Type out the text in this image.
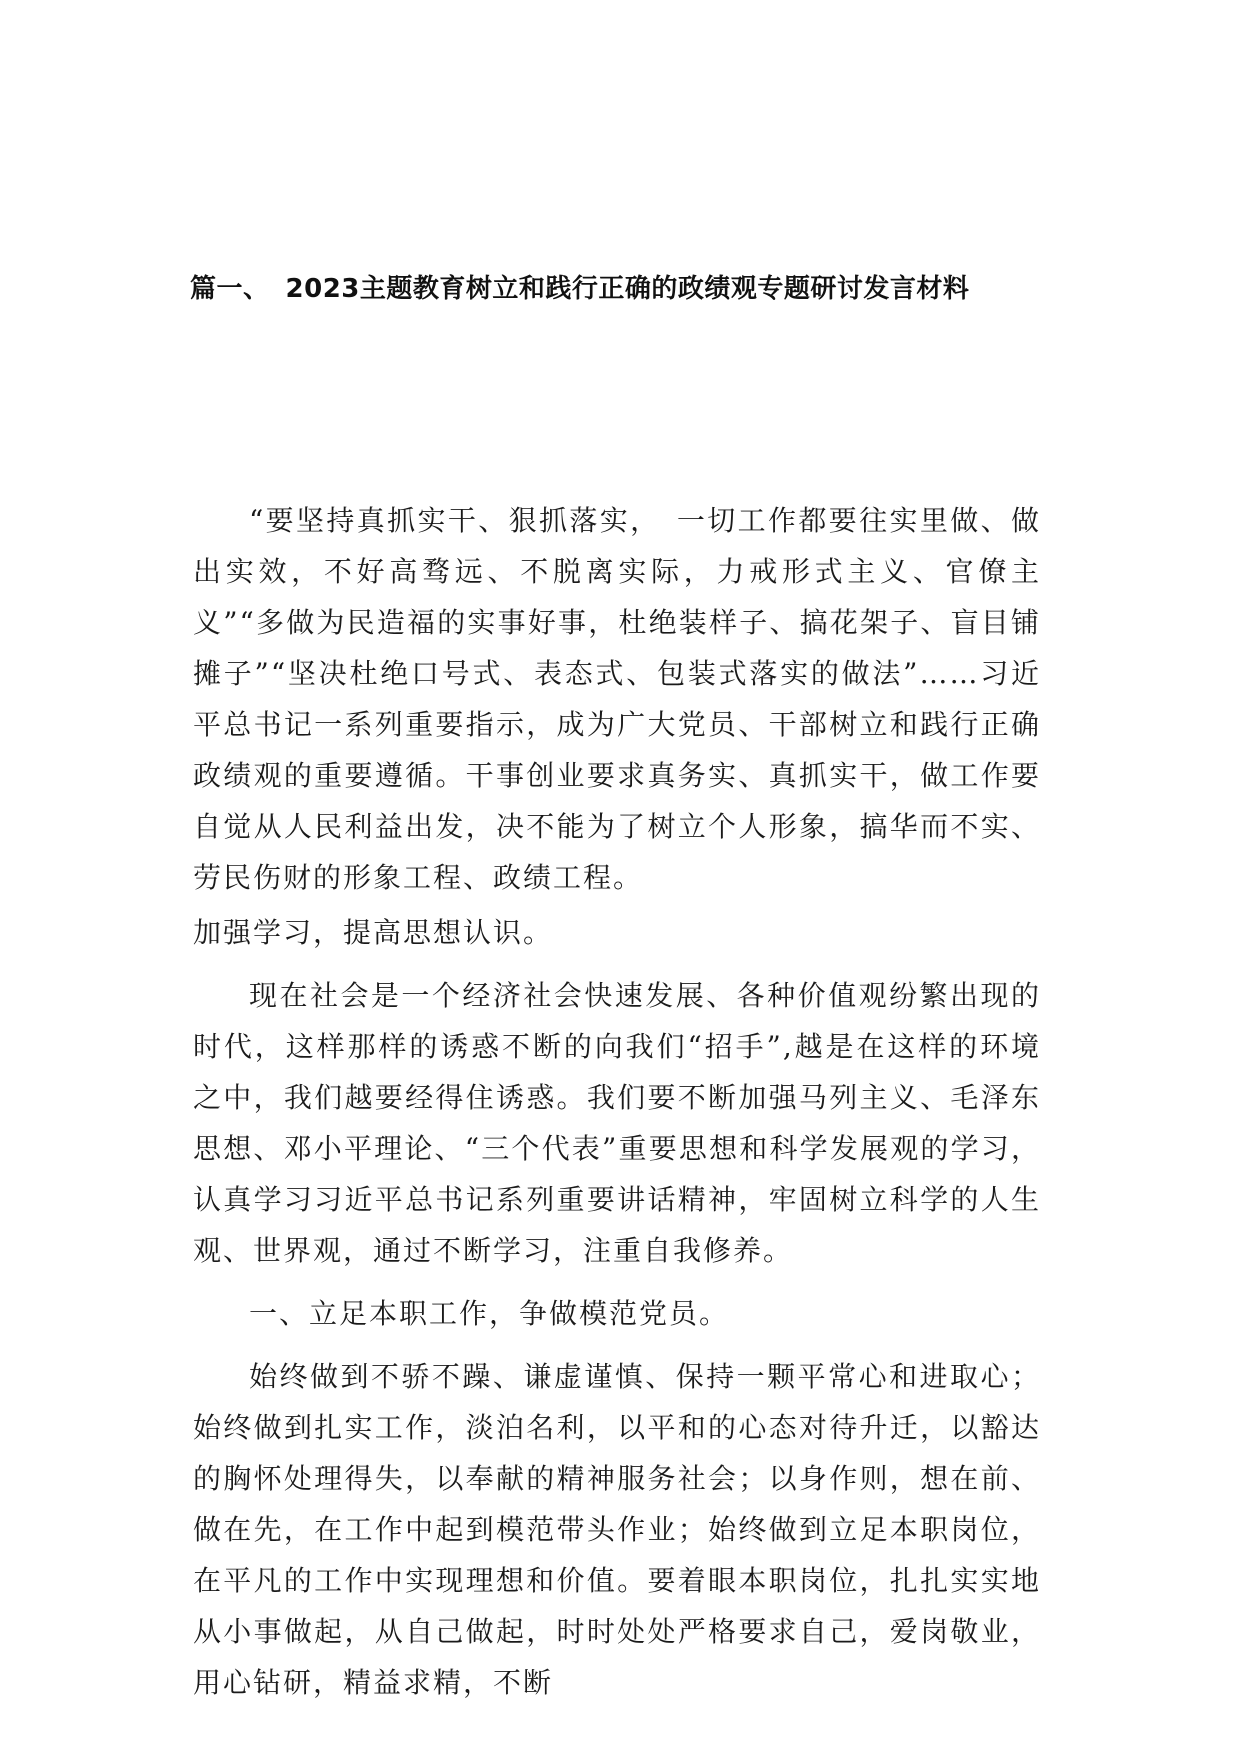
篇一、 2023主题教育树立和践行正确的政绩观专题研讨发言材料

“要坚持真抓实干、狠抓落实，　一切工作都要往实里做、做出实效，不好高骛远、不脱离实际，力戒形式主义、官僚主义”“多做为民造福的实事好事，杜绝装样子、搞花架子、盲目铺摊子”“坚决杜绝口号式、表态式、包装式落实的做法”……习近平总书记一系列重要指示，成为广大党员、干部树立和践行正确政绩观的重要遵循。干事创业要求真务实、真抓实干，做工作要自觉从人民利益出发，决不能为了树立个人形象，搞华而不实、劳民伤财的形象工程、政绩工程。

加强学习，提高思想认识。

现在社会是一个经济社会快速发展、各种价值观纷繁出现的时代，这样那样的诱惑不断的向我们“招手”,越是在这样的环境之中，我们越要经得住诱惑。我们要不断加强马列主义、毛泽东思想、邓小平理论、“三个代表”重要思想和科学发展观的学习，认真学习习近平总书记系列重要讲话精神，牢固树立科学的人生观、世界观，通过不断学习，注重自我修养。

一、立足本职工作，争做模范党员。

始终做到不骄不躁、谦虚谨慎、保持一颗平常心和进取心；始终做到扎实工作，淡泊名利，以平和的心态对待升迁，以豁达的胸怀处理得失，以奉献的精神服务社会；以身作则，想在前、做在先，在工作中起到模范带头作业；始终做到立足本职岗位，在平凡的工作中实现理想和价值。要着眼本职岗位，扎扎实实地从小事做起，从自己做起，时时处处严格要求自己，爱岗敬业，用心钻研，精益求精，不断
